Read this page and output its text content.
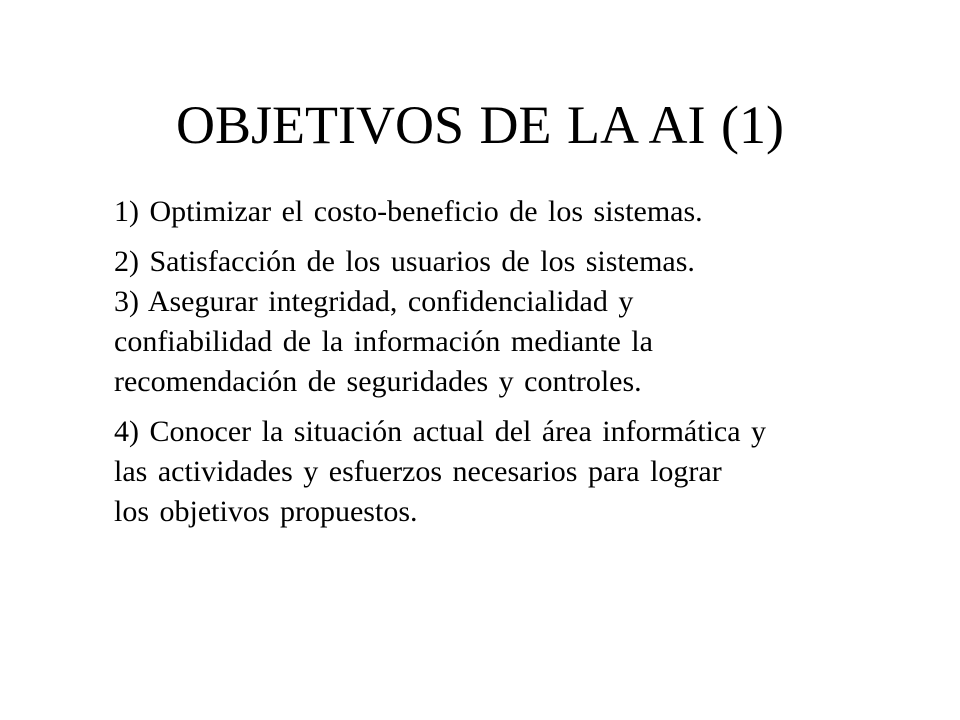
OBJETIVOS DE LA AI (1)
1) Optimizar el costo-beneficio de los sistemas.
2) Satisfacción de los usuarios de los sistemas.
3) Asegurar integridad, confidencialidad y
confiabilidad de la información mediante la
recomendación de seguridades y controles.
4) Conocer la situación actual del área informática y
las actividades y esfuerzos necesarios para lograr
los objetivos propuestos.
